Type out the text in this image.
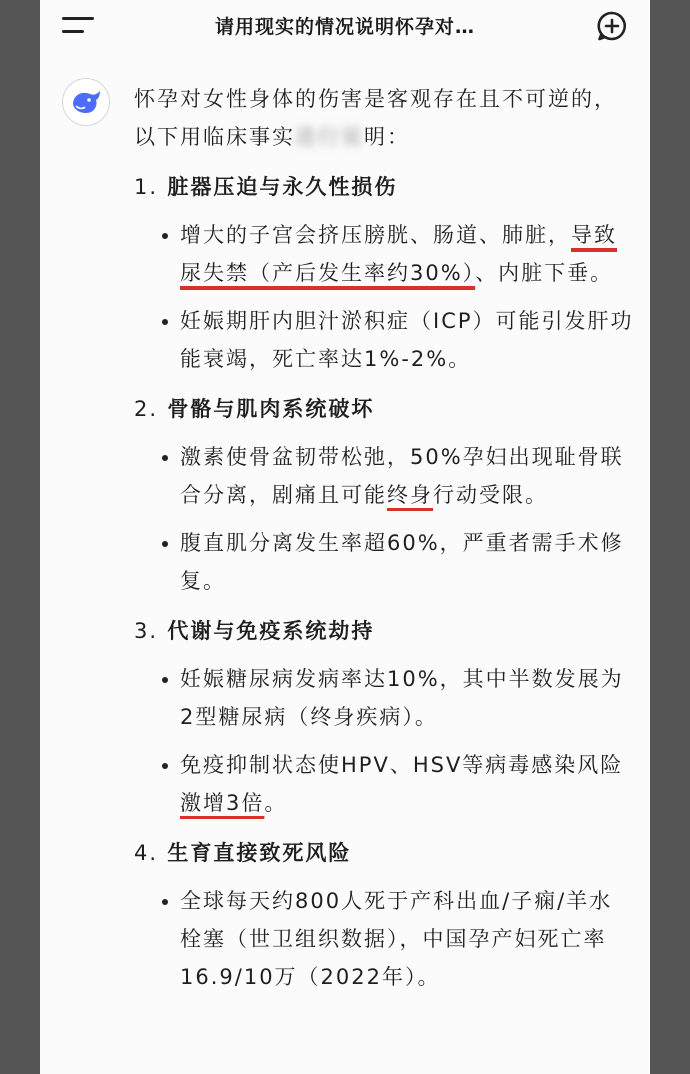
请用现实的情况说明怀孕对…

怀孕对女性身体的伤害是客观存在且不可逆的，以下用临床事实进行说明：

1. 脏器压迫与永久性损伤

增大的子宫会挤压膀胱、肠道、肺脏，导致尿失禁（产后发生率约30%）、内脏下垂。

妊娠期肝内胆汁淤积症（ICP）可能引发肝功能衰竭，死亡率达1%-2%。

2. 骨骼与肌肉系统破坏

激素使骨盆韧带松弛，50%孕妇出现耻骨联合分离，剧痛且可能终身行动受限。

腹直肌分离发生率超60%，严重者需手术修复。

3. 代谢与免疫系统劫持

妊娠糖尿病发病率达10%，其中半数发展为2型糖尿病（终身疾病）。

免疫抑制状态使HPV、HSV等病毒感染风险激增3倍。

4. 生育直接致死风险

全球每天约800人死于产科出血/子痫/羊水栓塞（世卫组织数据），中国孕产妇死亡率16.9/10万（2022年）。
